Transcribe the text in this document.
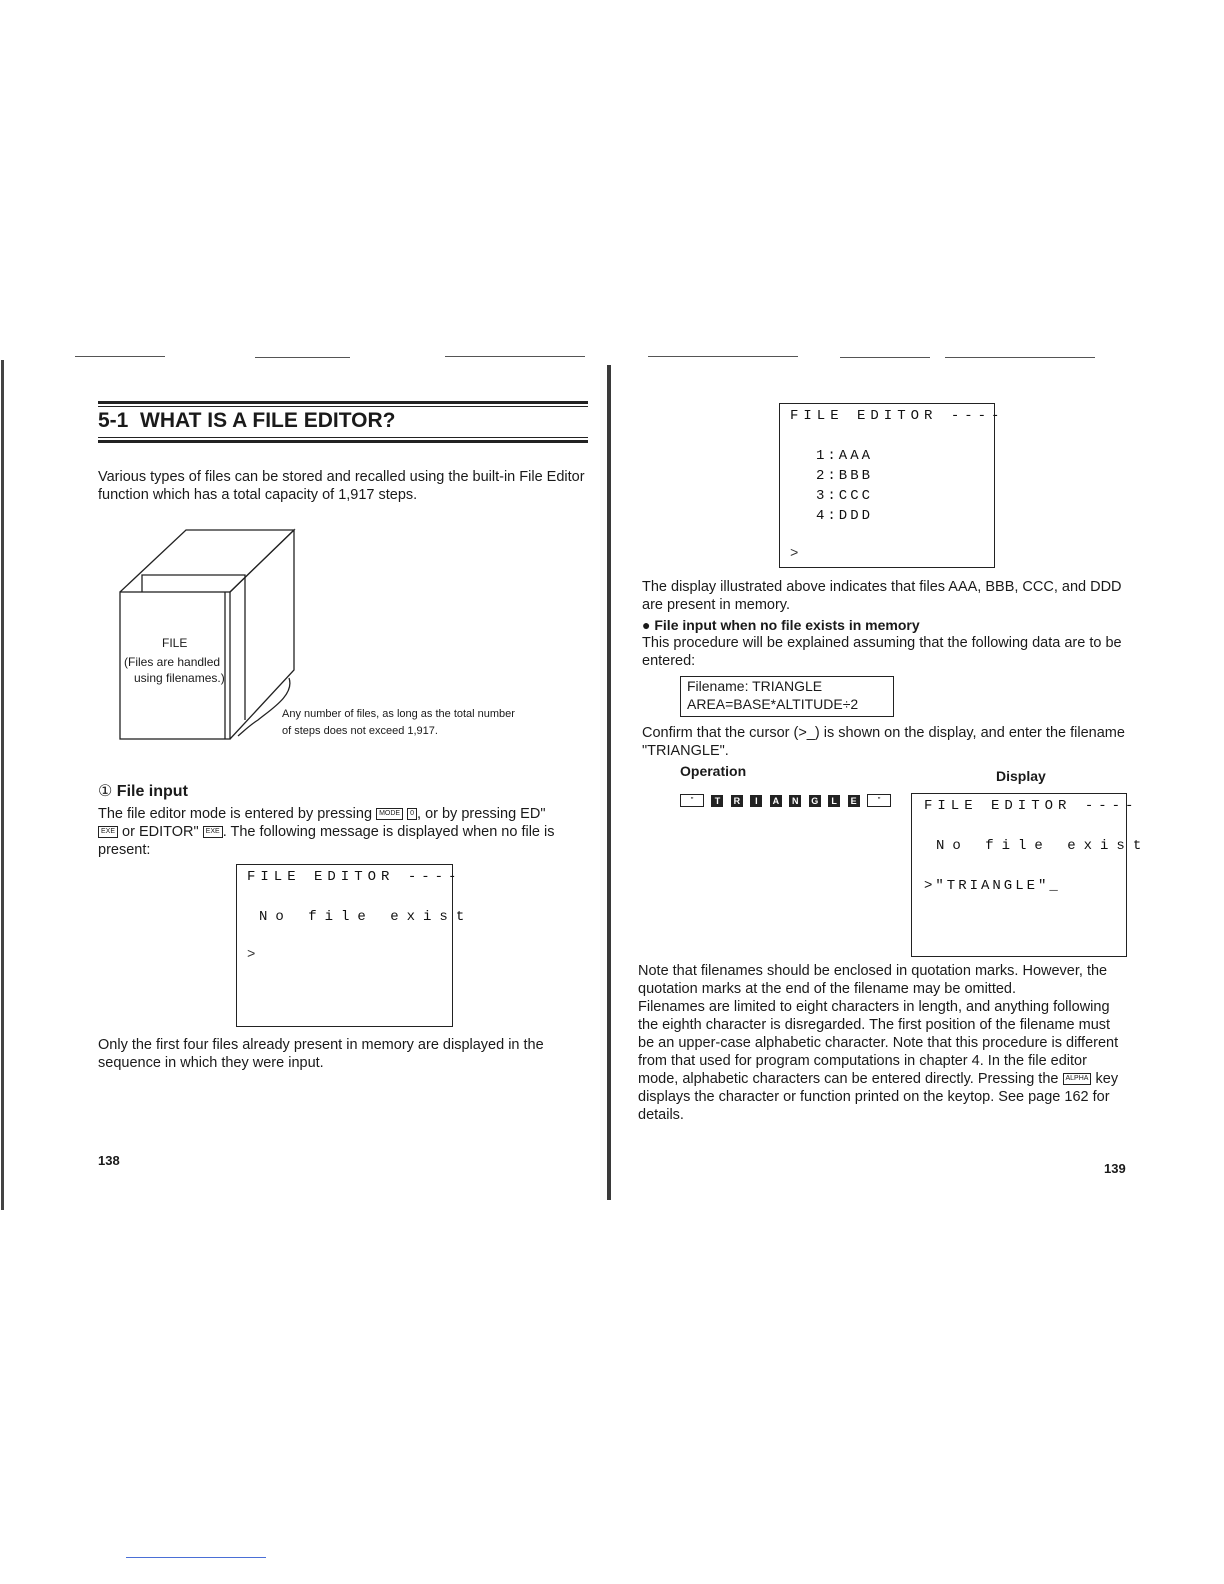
5-1  WHAT IS A FILE EDITOR?
Various types of files can be stored and recalled using the built-in File Editor function which has a total capacity of 1,917 steps.
FILE
(Files are handled
using filenames.)
Any number of files, as long as the total number
of steps does not exceed 1,917.
① File input
The file editor mode is entered by pressing MODE 0 , or by pressing ED"
EXE or EDITOR" EXE . The following message is displayed when no file is
present:
FILE EDITOR ----
No file exist
>
Only the first four files already present in memory are displayed in the sequence in which they were input.
138
FILE EDITOR ----
1:AAA
2:BBB
3:CCC
4:DDD
>
The display illustrated above indicates that files AAA, BBB, CCC, and DDD are present in memory.
● File input when no file exists in memory
This procedure will be explained assuming that the following data are to be entered:
Filename: TRIANGLE
AREA=BASE*ALTITUDE÷2
Confirm that the cursor (>_) is shown on the display, and enter the filename "TRIANGLE".
Operation	Display
" T R I A N G L E	"	FILE EDITOR ----
No file exist
>"TRIANGLE"_
Note that filenames should be enclosed in quotation marks. However, the quotation marks at the end of the filename may be omitted.
Filenames are limited to eight characters in length, and anything following the eighth character is disregarded. The first position of the filename must be an upper-case alphabetic character. Note that this procedure is different from that used for program computations in chapter 4. In the file editor mode, alphabetic characters can be entered directly. Pressing the ALPHA key displays the character or function printed on the keytop. See page 162 for details.
139
